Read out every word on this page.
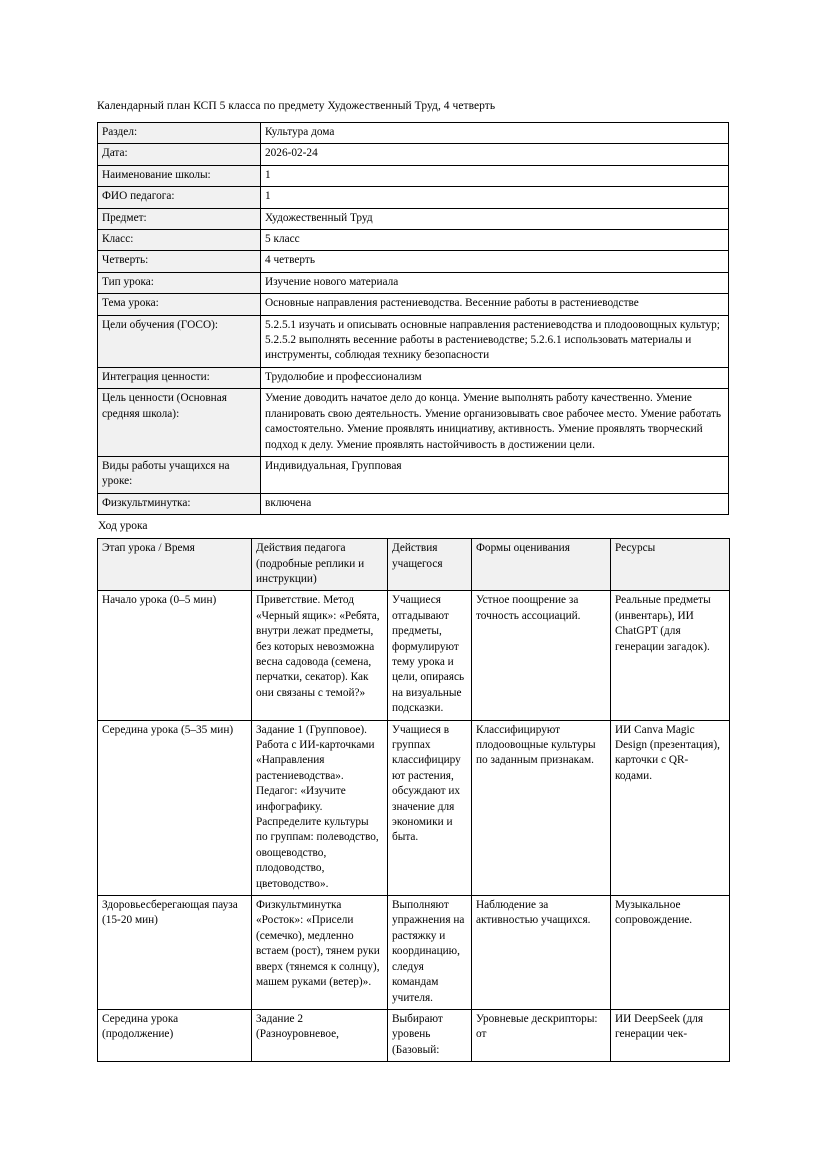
Календарный план КСП 5 класса по предмету Художественный Труд, 4 четверть
Раздел:	Культура дома
Дата:	2026-02-24
Наименование школы:	1
ФИО педагога:	1
Предмет:	Художественный Труд
Класс:	5 класс
Четверть:	4 четверть
Тип урока:	Изучение нового материала
Тема урока:	Основные направления растениеводства. Весенние работы в растениеводстве
Цели обучения (ГОСО):	5.2.5.1 изучать и описывать основные направления растениеводства и плодоовощных культур; 5.2.5.2 выполнять весенние работы в растениеводстве; 5.2.6.1 использовать материалы и инструменты, соблюдая технику безопасности
Интеграция ценности:	Трудолюбие и профессионализм
Цель ценности (Основная средняя школа):	Умение доводить начатое дело до конца. Умение выполнять работу качественно. Умение планировать свою деятельность. Умение организовывать свое рабочее место. Умение работать самостоятельно. Умение проявлять инициативу, активность. Умение проявлять творческий подход к делу. Умение проявлять настойчивость в достижении цели.
Виды работы учащихся на уроке:	Индивидуальная, Групповая
Физкультминутка:	включена
Ход урока
Этап урока / Время	Действия педагога (подробные реплики и инструкции)	Действия учащегося	Формы оценивания	Ресурсы
Начало урока (0–5 мин)	Приветствие. Метод «Черный ящик»: «Ребята, внутри лежат предметы, без которых невозможна весна садовода (семена, перчатки, секатор). Как они связаны с темой?»	Учащиеся отгадывают предметы, формулируют тему урока и цели, опираясь на визуальные подсказки.	Устное поощрение за точность ассоциаций.	Реальные предметы (инвентарь), ИИ ChatGPT (для генерации загадок).
Середина урока (5–35 мин)	Задание 1 (Групповое). Работа с ИИ-карточками «Направления растениеводства». Педагог: «Изучите инфографику. Распределите культуры по группам: полеводство, овощеводство, плодоводство, цветоводство».	Учащиеся в группах классифицируют растения, обсуждают их значение для экономики и быта.	Классифицируют плодоовощные культуры по заданным признакам.	ИИ Canva Magic Design (презентация), карточки с QR-кодами.
Здоровьесберегающая пауза (15-20 мин)	Физкультминутка «Росток»: «Присели (семечко), медленно встаем (рост), тянем руки вверх (тянемся к солнцу), машем руками (ветер)».	Выполняют упражнения на растяжку и координацию, следуя командам учителя.	Наблюдение за активностью учащихся.	Музыкальное сопровождение.
Середина урока (продолжение)	Задание 2 (Разноуровневое,	Выбирают уровень (Базовый:	Уровневые дескрипторы: от	ИИ DeepSeek (для генерации чек-
